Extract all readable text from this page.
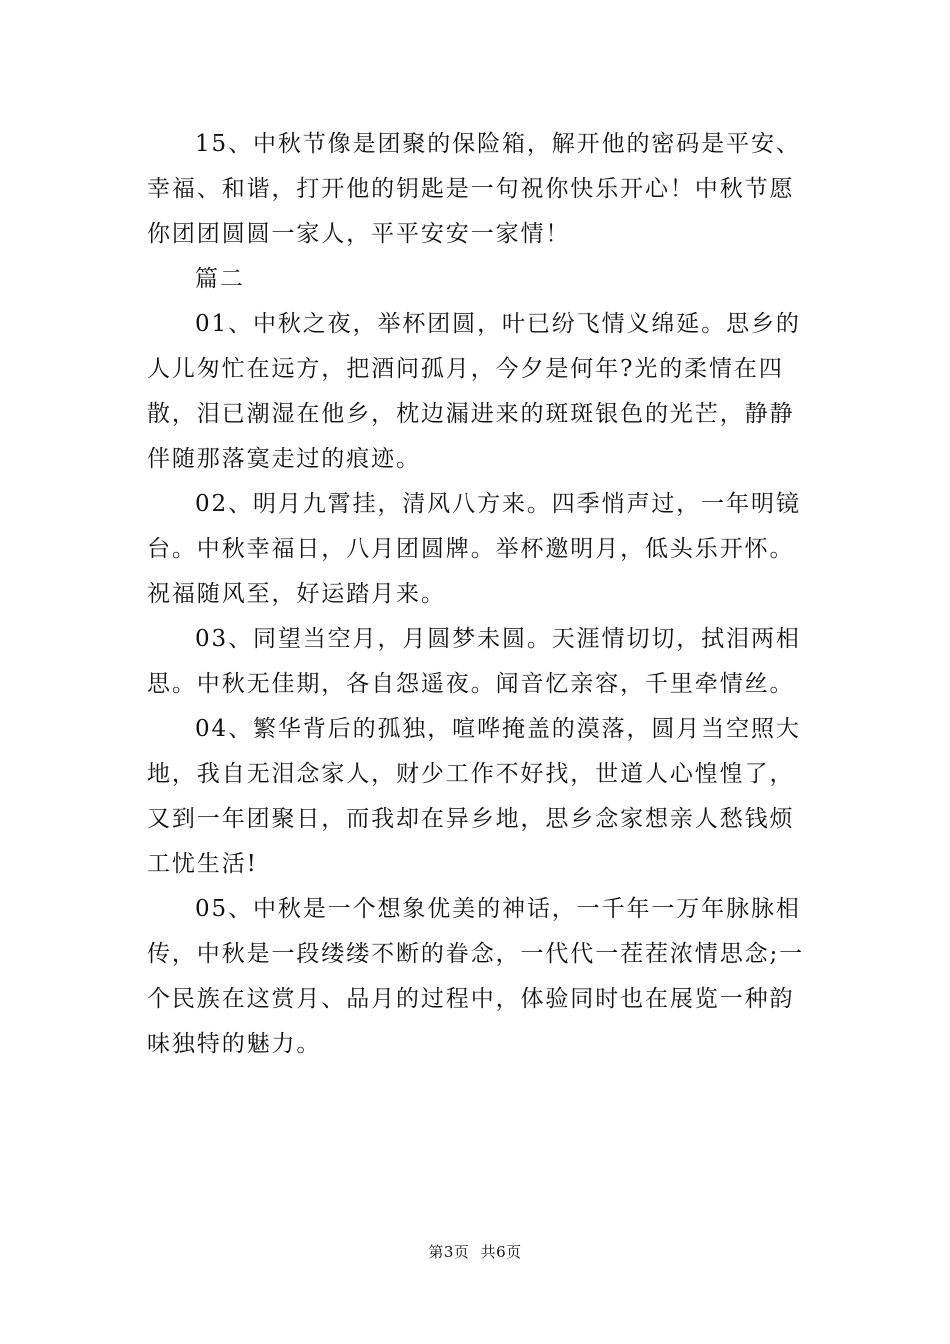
15、中秋节像是团聚的保险箱，解开他的密码是平安、幸福、和谐，打开他的钥匙是一句祝你快乐开心！中秋节愿你团团圆圆一家人，平平安安一家情！

篇二

01、中秋之夜，举杯团圆，叶已纷飞情义绵延。思乡的人儿匆忙在远方，把酒问孤月，今夕是何年?光的柔情在四散，泪已潮湿在他乡，枕边漏进来的斑斑银色的光芒，静静伴随那落寞走过的痕迹。

02、明月九霄挂，清风八方来。四季悄声过，一年明镜台。中秋幸福日，八月团圆牌。举杯邀明月，低头乐开怀。祝福随风至，好运踏月来。

03、同望当空月，月圆梦未圆。天涯情切切，拭泪两相思。中秋无佳期，各自怨遥夜。闻音忆亲容，千里牵情丝。

04、繁华背后的孤独，喧哗掩盖的漠落，圆月当空照大地，我自无泪念家人，财少工作不好找，世道人心惶惶了，又到一年团聚日，而我却在异乡地，思乡念家想亲人愁钱烦工忧生活!

05、中秋是一个想象优美的神话，一千年一万年脉脉相传，中秋是一段缕缕不断的眷念，一代代一茬茬浓情思念;一个民族在这赏月、品月的过程中，体验同时也在展览一种韵味独特的魅力。

第3页 共6页
